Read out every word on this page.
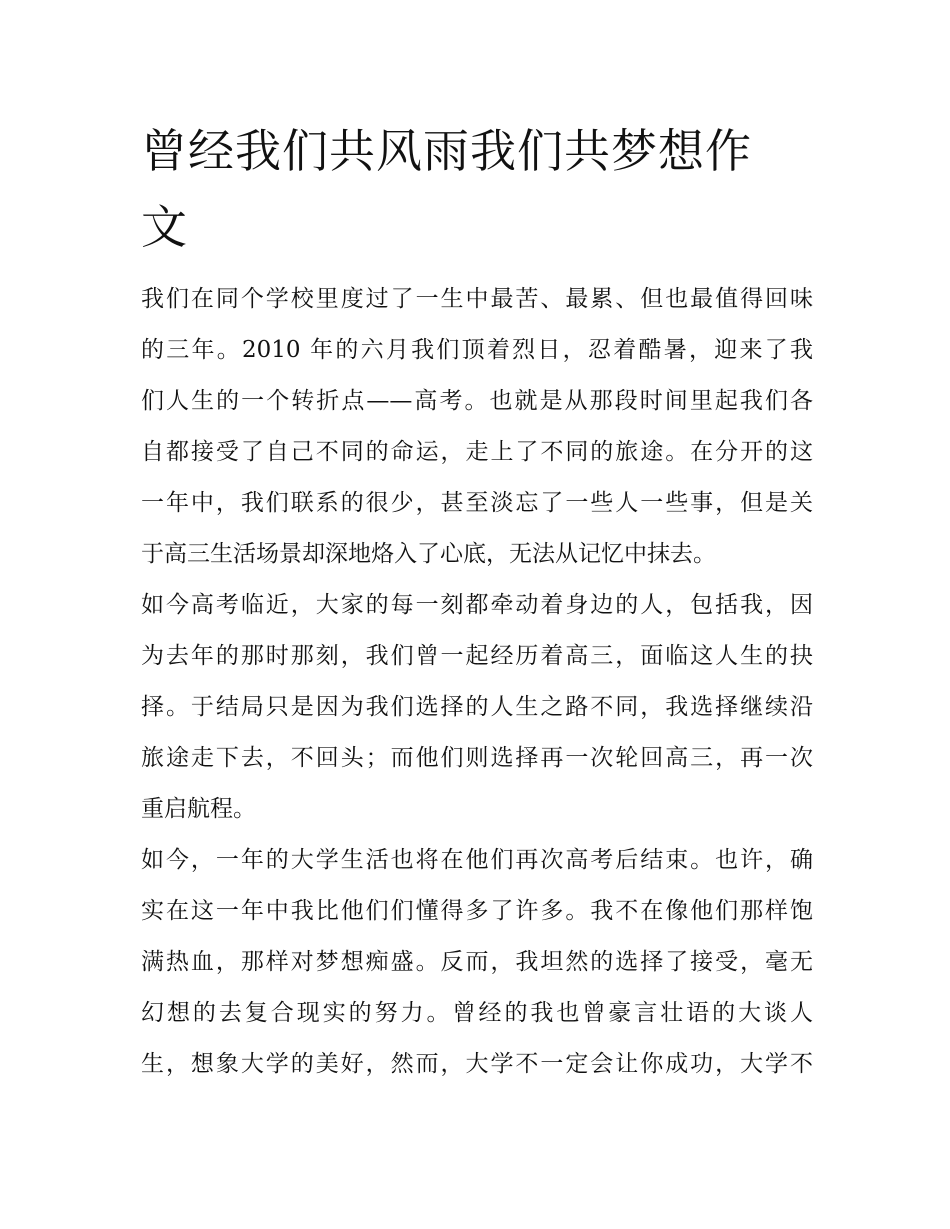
曾经我们共风雨我们共梦想作
文
我们在同个学校里度过了一生中最苦、最累、但也最值得回味
的三年。2010 年的六月我们顶着烈日，忍着酷暑，迎来了我
们人生的一个转折点——高考。也就是从那段时间里起我们各
自都接受了自己不同的命运，走上了不同的旅途。在分开的这
一年中，我们联系的很少，甚至淡忘了一些人一些事，但是关
于高三生活场景却深地烙入了心底，无法从记忆中抹去。
如今高考临近，大家的每一刻都牵动着身边的人，包括我，因
为去年的那时那刻，我们曾一起经历着高三，面临这人生的抉
择。于结局只是因为我们选择的人生之路不同，我选择继续沿
旅途走下去，不回头；而他们则选择再一次轮回高三，再一次
重启航程。
如今，一年的大学生活也将在他们再次高考后结束。也许，确
实在这一年中我比他们们懂得多了许多。我不在像他们那样饱
满热血，那样对梦想痴盛。反而，我坦然的选择了接受，毫无
幻想的去复合现实的努力。曾经的我也曾豪言壮语的大谈人
生，想象大学的美好，然而，大学不一定会让你成功，大学不
